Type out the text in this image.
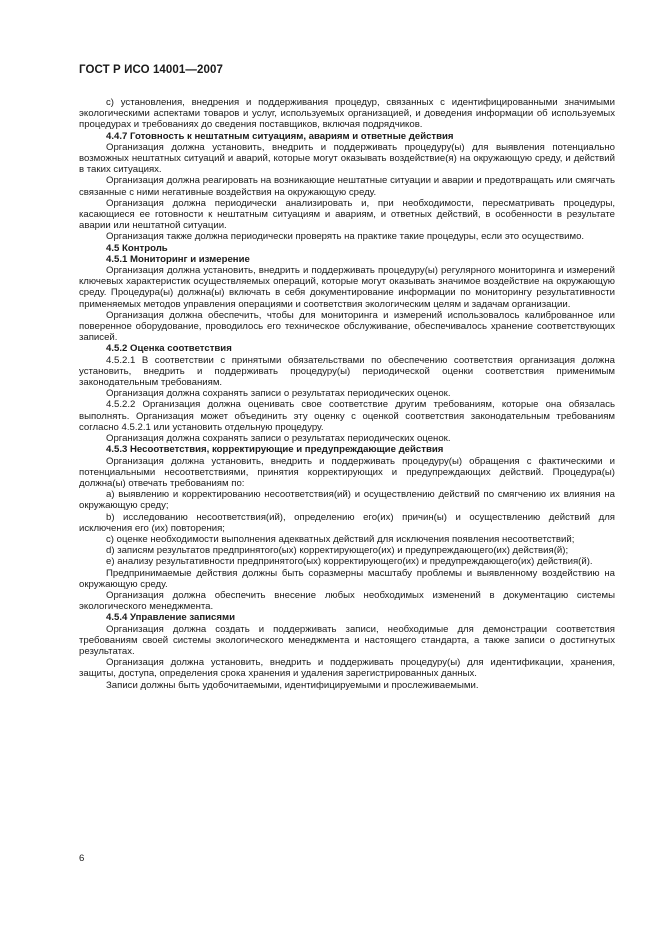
ГОСТ Р ИСО 14001—2007

c) установления, внедрения и поддерживания процедур, связанных с идентифицированными значимыми экологическими аспектами товаров и услуг, используемых организацией, и доведения информации об используемых процедурах и требованиях до сведения поставщиков, включая подрядчиков.

4.4.7 Готовность к нештатным ситуациям, авариям и ответные действия

Организация должна установить, внедрить и поддерживать процедуру(ы) для выявления потенциально возможных нештатных ситуаций и аварий, которые могут оказывать воздействие(я) на окружающую среду, и действий в таких ситуациях.

Организация должна реагировать на возникающие нештатные ситуации и аварии и предотвращать или смягчать связанные с ними негативные воздействия на окружающую среду.

Организация должна периодически анализировать и, при необходимости, пересматривать процедуры, касающиеся ее готовности к нештатным ситуациям и авариям, и ответных действий, в особенности в результате аварии или нештатной ситуации.

Организация также должна периодически проверять на практике такие процедуры, если это осуществимо.

4.5 Контроль

4.5.1 Мониторинг и измерение

Организация должна установить, внедрить и поддерживать процедуру(ы) регулярного мониторинга и измерений ключевых характеристик осуществляемых операций, которые могут оказывать значимое воздействие на окружающую среду. Процедура(ы) должна(ы) включать в себя документирование информации по мониторингу результативности применяемых методов управления операциями и соответствия экологическим целям и задачам организации.

Организация должна обеспечить, чтобы для мониторинга и измерений использовалось калиброванное или поверенное оборудование, проводилось его техническое обслуживание, обеспечивалось хранение соответствующих записей.

4.5.2 Оценка соответствия

4.5.2.1 В соответствии с принятыми обязательствами по обеспечению соответствия организация должна установить, внедрить и поддерживать процедуру(ы) периодической оценки соответствия применимым законодательным требованиям.

Организация должна сохранять записи о результатах периодических оценок.

4.5.2.2 Организация должна оценивать свое соответствие другим требованиям, которые она обязалась выполнять. Организация может объединить эту оценку с оценкой соответствия законодательным требованиям согласно 4.5.2.1 или установить отдельную процедуру.

Организация должна сохранять записи о результатах периодических оценок.

4.5.3 Несоответствия, корректирующие и предупреждающие действия

Организация должна установить, внедрить и поддерживать процедуру(ы) обращения с фактическими и потенциальными несоответствиями, принятия корректирующих и предупреждающих действий. Процедура(ы) должна(ы) отвечать требованиям по:

a) выявлению и корректированию несоответствия(ий) и осуществлению действий по смягчению их влияния на окружающую среду;

b) исследованию несоответствия(ий), определению его(их) причин(ы) и осуществлению действий для исключения его (их) повторения;

c) оценке необходимости выполнения адекватных действий для исключения появления несоответствий;

d) записям результатов предпринятого(ых) корректирующего(их) и предупреждающего(их) действия(й);

e) анализу результативности предпринятого(ых) корректирующего(их) и предупреждающего(их) действия(й).

Предпринимаемые действия должны быть соразмерны масштабу проблемы и выявленному воздействию на окружающую среду.

Организация должна обеспечить внесение любых необходимых изменений в документацию системы экологического менеджмента.

4.5.4 Управление записями

Организация должна создать и поддерживать записи, необходимые для демонстрации соответствия требованиям своей системы экологического менеджмента и настоящего стандарта, а также записи о достигнутых результатах.

Организация должна установить, внедрить и поддерживать процедуру(ы) для идентификации, хранения, защиты, доступа, определения срока хранения и удаления зарегистрированных данных.

Записи должны быть удобочитаемыми, идентифицируемыми и прослеживаемыми.

6
